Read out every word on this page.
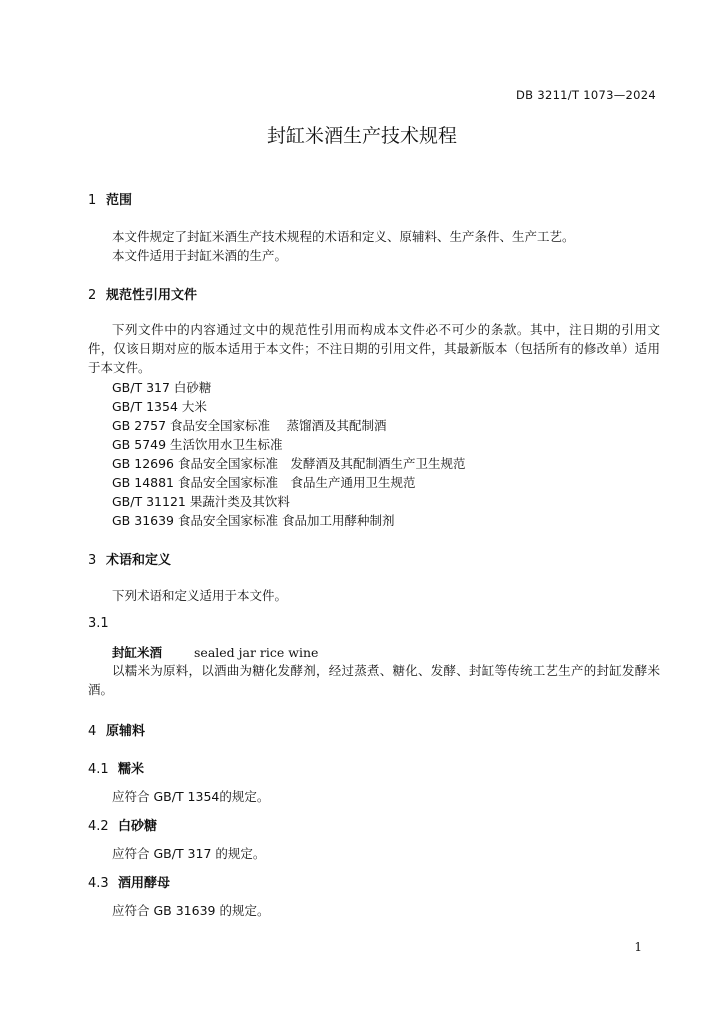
DB 3211/T 1073—2024
封缸米酒生产技术规程
1 范围
本文件规定了封缸米酒生产技术规程的术语和定义、原辅料、生产条件、生产工艺。
本文件适用于封缸米酒的生产。
2 规范性引用文件
下列文件中的内容通过文中的规范性引用而构成本文件必不可少的条款。其中，注日期的引用文件，仅该日期对应的版本适用于本文件；不注日期的引用文件，其最新版本（包括所有的修改单）适用于本文件。
GB/T 317 白砂糖
GB/T 1354 大米
GB 2757 食品安全国家标准　 蒸馏酒及其配制酒
GB 5749 生活饮用水卫生标准
GB 12696 食品安全国家标准　发酵酒及其配制酒生产卫生规范
GB 14881 食品安全国家标准　食品生产通用卫生规范
GB/T 31121 果蔬汁类及其饮料
GB 31639 食品安全国家标准 食品加工用酵种制剂
3 术语和定义
下列术语和定义适用于本文件。
3.1
封缸米酒	sealed jar rice wine
以糯米为原料，以酒曲为糖化发酵剂，经过蒸煮、糖化、发酵、封缸等传统工艺生产的封缸发酵米酒。
4 原辅料
4.1 糯米
应符合 GB/T 1354的规定。
4.2 白砂糖
应符合 GB/T 317 的规定。
4.3 酒用酵母
应符合 GB 31639 的规定。
1
